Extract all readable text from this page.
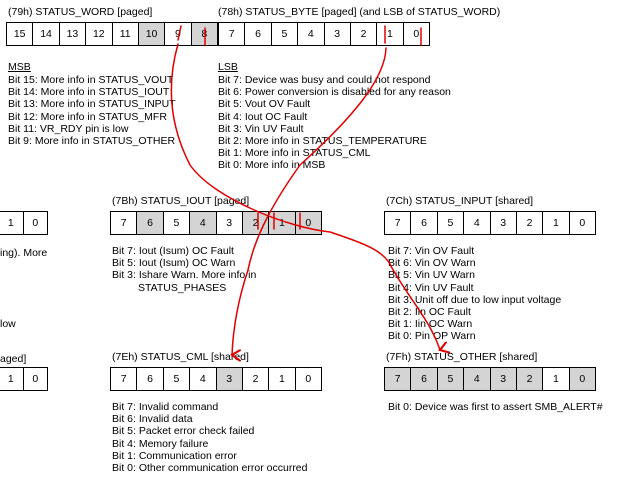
(79h) STATUS_WORD [paged]	(78h) STATUS_BYTE [paged] (and LSB of STATUS_WORD)
15	14	13	12	11	10	9	8	7	6	5	4	3	2	1	0
MSB	LSB
Bit 15: More info in STATUS_VOUT
Bit 14: More info in STATUS_IOUT
Bit 13: More info in STATUS_INPUT
Bit 12: More info in STATUS_MFR
Bit 11: VR_RDY pin is low
Bit 9: More info in STATUS_OTHER
Bit 7: Device was busy and could not respond
Bit 6: Power conversion is disabled for any reason
Bit 5: Vout OV Fault
Bit 4: Iout OC Fault
Bit 3: Vin UV Fault
Bit 2: More info in STATUS_TEMPERATURE
Bit 1: More info in STATUS_CML
Bit 0: More info in MSB
1	0
ing). More
low
aged]
1	0
(7Bh) STATUS_IOUT [paged]
7	6	5	4	3	2	1	0
Bit 7: Iout (Isum) OC Fault
Bit 5: Iout (Isum) OC Warn
Bit 3: Ishare Warn. More info in
STATUS_PHASES
(7Ch) STATUS_INPUT [shared]
7	6	5	4	3	2	1	0
Bit 7: Vin OV Fault
Bit 6: Vin OV Warn
Bit 5: Vin UV Warn
Bit 4: Vin UV Fault
Bit 3: Unit off due to low input voltage
Bit 2: Iin OC Fault
Bit 1: Iin OC Warn
Bit 0: Pin OP Warn
(7Eh) STATUS_CML [shared]
7	6	5	4	3	2	1	0
Bit 7: Invalid command
Bit 6: Invalid data
Bit 5: Packet error check failed
Bit 4: Memory failure
Bit 1: Communication error
Bit 0: Other communication error occurred
(7Fh) STATUS_OTHER [shared]
7	6	5	4	3	2	1	0
Bit 0: Device was first to assert SMB_ALERT#
